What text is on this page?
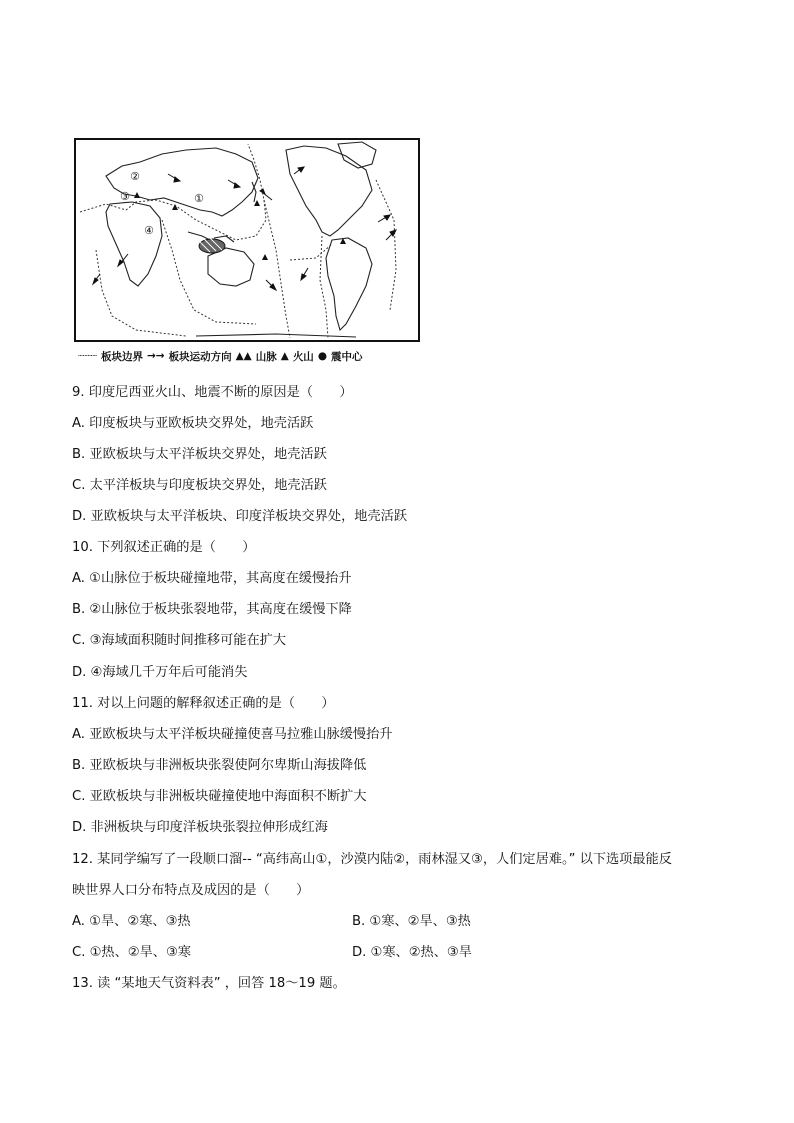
①
②
③
④
┈┈┈ 板块边界 →→ 板块运动方向 ▲▲ 山脉 ▲ 火山 ● 震中心
9. 印度尼西亚火山、地震不断的原因是（　　）
A. 印度板块与亚欧板块交界处，地壳活跃
B. 亚欧板块与太平洋板块交界处，地壳活跃
C. 太平洋板块与印度板块交界处，地壳活跃
D. 亚欧板块与太平洋板块、印度洋板块交界处，地壳活跃
10. 下列叙述正确的是（　　）
A. ①山脉位于板块碰撞地带，其高度在缓慢抬升
B. ②山脉位于板块张裂地带，其高度在缓慢下降
C. ③海域面积随时间推移可能在扩大
D. ④海域几千万年后可能消失
11. 对以上问题的解释叙述正确的是（　　）
A. 亚欧板块与太平洋板块碰撞使喜马拉雅山脉缓慢抬升
B. 亚欧板块与非洲板块张裂使阿尔卑斯山海拔降低
C. 亚欧板块与非洲板块碰撞使地中海面积不断扩大
D. 非洲板块与印度洋板块张裂拉伸形成红海
12. 某同学编写了一段顺口溜-- “高纬高山①，沙漠内陆②，雨林湿又③，人们定居难。” 以下选项最能反
映世界人口分布特点及成因的是（　　）
A. ①旱、②寒、③热	B. ①寒、②旱、③热
C. ①热、②旱、③寒	D. ①寒、②热、③旱
13. 读 “某地天气资料表” ，回答 18～19 题。
